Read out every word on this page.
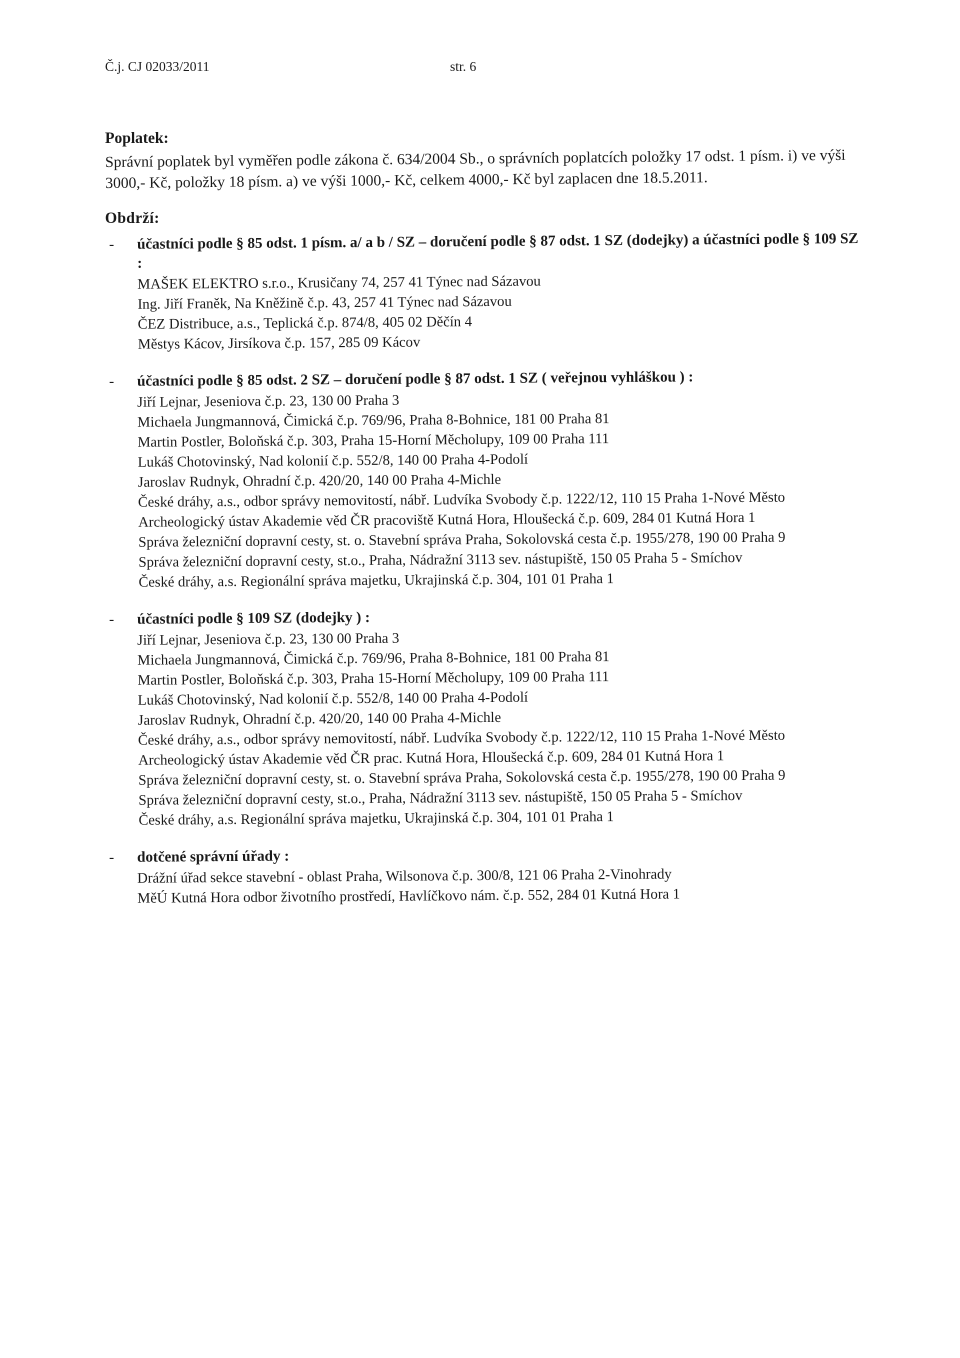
Č.j. CJ 02033/2011	str. 6
Poplatek:
Správní poplatek byl vyměřen podle zákona č. 634/2004 Sb., o správních poplatcích položky 17 odst. 1 písm. i) ve výši 3000,- Kč, položky 18 písm. a) ve výši 1000,- Kč, celkem 4000,- Kč byl zaplacen dne 18.5.2011.
Obdrží:
- účastníci podle § 85 odst. 1 písm. a/ a b / SZ – doručení podle § 87 odst. 1 SZ (dodejky) a účastníci podle § 109 SZ :
MAŠEK ELEKTRO s.r.o., Krusičany 74, 257 41 Týnec nad Sázavou
Ing. Jiří Franěk, Na Kněžině č.p. 43, 257 41 Týnec nad Sázavou
ČEZ Distribuce, a.s., Teplická č.p. 874/8, 405 02 Děčín 4
Městys Kácov, Jirsíkova č.p. 157, 285 09 Kácov
- účastníci podle § 85 odst. 2 SZ – doručení podle § 87 odst. 1 SZ ( veřejnou vyhláškou ) :
Jiří Lejnar, Jeseniova č.p. 23, 130 00 Praha 3
Michaela Jungmannová, Čimická č.p. 769/96, Praha 8-Bohnice, 181 00 Praha 81
Martin Postler, Boloňská č.p. 303, Praha 15-Horní Měcholupy, 109 00 Praha 111
Lukáš Chotovinský, Nad kolonií č.p. 552/8, 140 00 Praha 4-Podolí
Jaroslav Rudnyk, Ohradní č.p. 420/20, 140 00 Praha 4-Michle
České dráhy, a.s., odbor správy nemovitostí, nábř. Ludvíka Svobody č.p. 1222/12, 110 15 Praha 1-Nové Město
Archeologický ústav Akademie věd ČR pracoviště Kutná Hora, Hloušecká č.p. 609, 284 01 Kutná Hora 1
Správa železniční dopravní cesty, st. o. Stavební správa Praha, Sokolovská cesta č.p. 1955/278, 190 00 Praha 9
Správa železniční dopravní cesty, st.o., Praha, Nádražní 3113 sev. nástupiště, 150 05 Praha 5 - Smíchov
České dráhy, a.s. Regionální správa majetku, Ukrajinská č.p. 304, 101 01 Praha 1
- účastníci podle § 109 SZ (dodejky ) :
Jiří Lejnar, Jeseniova č.p. 23, 130 00 Praha 3
Michaela Jungmannová, Čimická č.p. 769/96, Praha 8-Bohnice, 181 00 Praha 81
Martin Postler, Boloňská č.p. 303, Praha 15-Horní Měcholupy, 109 00 Praha 111
Lukáš Chotovinský, Nad kolonií č.p. 552/8, 140 00 Praha 4-Podolí
Jaroslav Rudnyk, Ohradní č.p. 420/20, 140 00 Praha 4-Michle
České dráhy, a.s., odbor správy nemovitostí, nábř. Ludvíka Svobody č.p. 1222/12, 110 15 Praha 1-Nové Město
Archeologický ústav Akademie věd ČR prac. Kutná Hora, Hloušecká č.p. 609, 284 01 Kutná Hora 1
Správa železniční dopravní cesty, st. o. Stavební správa Praha, Sokolovská cesta č.p. 1955/278, 190 00 Praha 9
Správa železniční dopravní cesty, st.o., Praha, Nádražní 3113 sev. nástupiště, 150 05 Praha 5 - Smíchov
České dráhy, a.s. Regionální správa majetku, Ukrajinská č.p. 304, 101 01 Praha 1
- dotčené správní úřady :
Drážní úřad sekce stavební - oblast Praha, Wilsonova č.p. 300/8, 121 06 Praha 2-Vinohrady
MěÚ Kutná Hora odbor životního prostředí, Havlíčkovo nám. č.p. 552, 284 01 Kutná Hora 1
